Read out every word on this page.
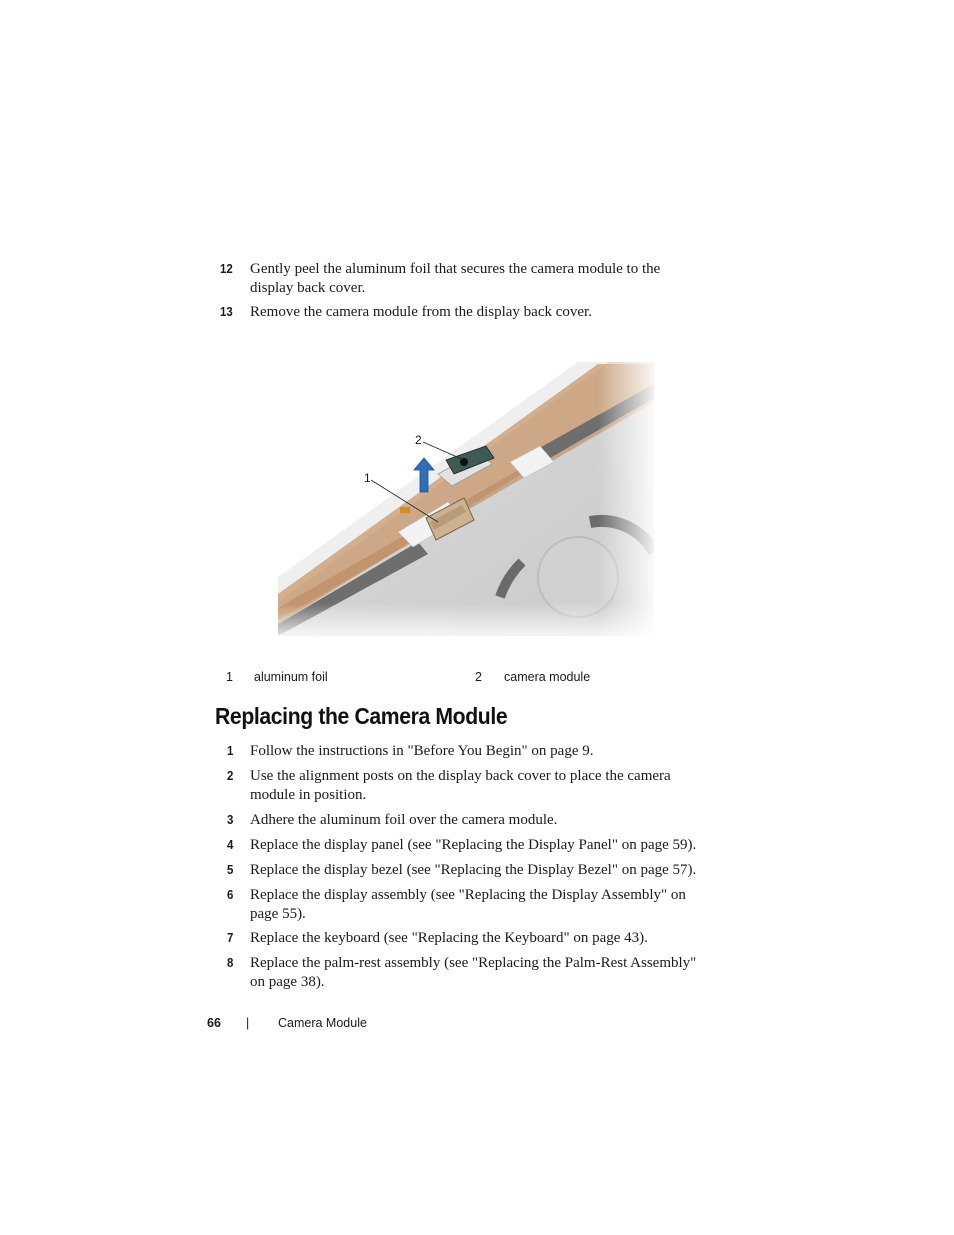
12	Gently peel the aluminum foil that secures the camera module to the display back cover.
13	Remove the camera module from the display back cover.
1
2
1 aluminum foil	2 camera module
Replacing the Camera Module
1	Follow the instructions in "Before You Begin" on page 9.
2	Use the alignment posts on the display back cover to place the camera module in position.
3	Adhere the aluminum foil over the camera module.
4	Replace the display panel (see "Replacing the Display Panel" on page 59).
5	Replace the display bezel (see "Replacing the Display Bezel" on page 57).
6	Replace the display assembly (see "Replacing the Display Assembly" on page 55).
7	Replace the keyboard (see "Replacing the Keyboard" on page 43).
8	Replace the palm-rest assembly (see "Replacing the Palm-Rest Assembly" on page 38).
66 | Camera Module
